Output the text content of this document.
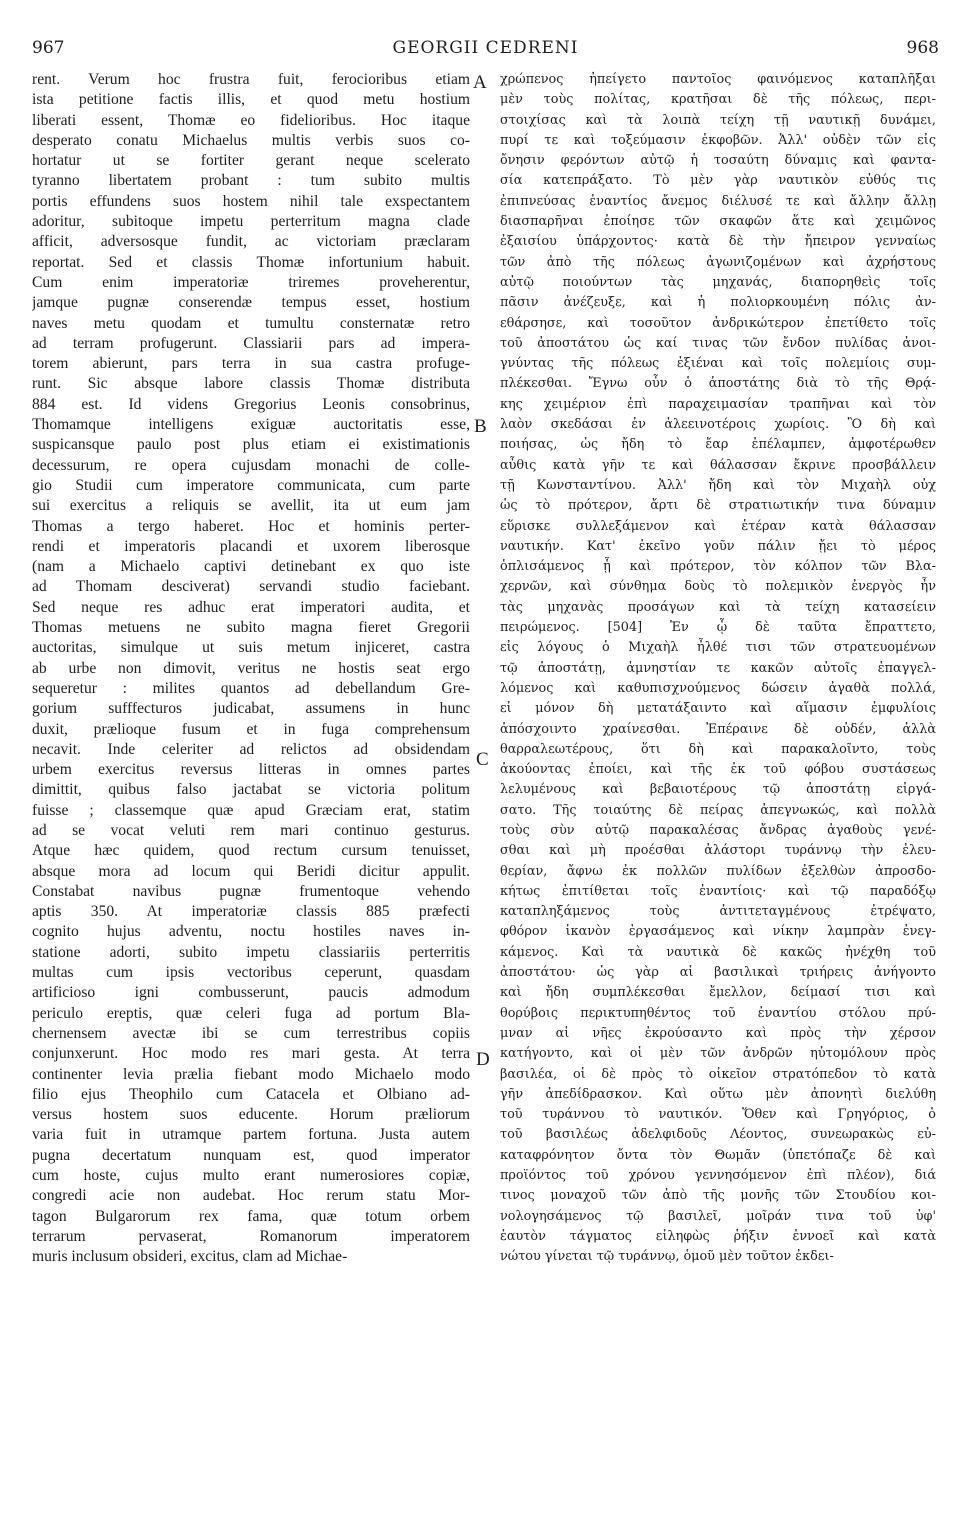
967	GEORGII CEDRENI	968
rent. Verum hoc frustra fuit, ferocioribus etiam
ista petitione factis illis, et quod metu hostium
liberati essent, Thomæ eo fidelioribus. Hoc itaque
desperato conatu Michaelus multis verbis suos co-
hortatur ut se fortiter gerant neque scelerato
tyranno libertatem probant : tum subito multis
portis effundens suos hostem nihil tale exspectantem
adoritur, subitoque impetu perterritum magna clade
afficit, adversosque fundit, ac victoriam præclaram
reportat. Sed et classis Thomæ infortunium habuit.
Cum enim imperatoriæ triremes proveherentur,
jamque pugnæ conserendæ tempus esset, hostium
naves metu quodam et tumultu consternatæ retro
ad terram profugerunt. Classiarii pars ad impera-
torem abierunt, pars terra in sua castra profuge-
runt. Sic absque labore classis Thomæ distributa
884 est. Id videns Gregorius Leonis consobrinus,
Thomamque intelligens exiguæ auctoritatis esse,
suspicansque paulo post plus etiam ei existimationis
decessurum, re opera cujusdam monachi de colle-
gio Studii cum imperatore communicata, cum parte
sui exercitus a reliquis se avellit, ita ut eum jam
Thomas a tergo haberet. Hoc et hominis perter-
rendi et imperatoris placandi et uxorem liberosque
(nam a Michaelo captivi detinebant ex quo iste
ad Thomam desciverat) servandi studio faciebant.
Sed neque res adhuc erat imperatori audita, et
Thomas metuens ne subito magna fieret Gregorii
auctoritas, simulque ut suis metum injiceret, castra
ab urbe non dimovit, veritus ne hostis seat ergo
sequeretur : milites quantos ad debellandum Gre-
gorium sufffecturos judicabat, assumens in hunc
duxit, prælioque fusum et in fuga comprehensum
necavit. Inde celeriter ad relictos ad obsidendam
urbem exercitus reversus litteras in omnes partes
dimittit, quibus falso jactabat se victoria politum
fuisse ; classemque quæ apud Græciam erat, statim
ad se vocat veluti rem mari continuo gesturus.
Atque hæc quidem, quod rectum cursum tenuisset,
absque mora ad locum qui Beridi dicitur appulit.
Constabat navibus pugnæ frumentoque vehendo
aptis 350. At imperatoriæ classis 885 præfecti
cognito hujus adventu, noctu hostiles naves in-
statione adorti, subito impetu classiariis perterritis
multas cum ipsis vectoribus ceperunt, quasdam
artificioso igni combusserunt, paucis admodum
periculo ereptis, quæ celeri fuga ad portum Bla-
chernensem avectæ ibi se cum terrestribus copiis
conjunxerunt. Hoc modo res mari gesta. At terra
continenter levia prælia fiebant modo Michaelo modo
filio ejus Theophilo cum Catacela et Olbiano ad-
versus hostem suos educente. Horum præliorum
varia fuit in utramque partem fortuna. Justa autem
pugna decertatum nunquam est, quod imperator
cum hoste, cujus multo erant numerosiores copiæ,
congredi acie non audebat. Hoc rerum statu Mor-
tagon Bulgarorum rex fama, quæ totum orbem
terrarum pervaserat, Romanorum imperatorem
muris inclusum obsideri, excitus, clam ad Michae-
χρώπενος ἠπείγετο παντοῖος φαινόμενος καταπλῆξαι
μὲν τοὺς πολίτας, κρατῆσαι δὲ τῆς πόλεως, περι-
στοιχίσας καὶ τὰ λοιπὰ τείχη τῇ ναυτικῇ δυνάμει,
πυρί τε καὶ τοξεύμασιν ἐκφοβῶν. Ἀλλ' οὐδὲν τῶν εἰς
ὄνησιν φερόντων αὐτῷ ἡ τοσαύτη δύναμις καὶ φαντα-
σία κατεπράξατο. Τὸ μὲν γὰρ ναυτικὸν εὐθύς τις
ἐπιπνεύσας ἐναντίος ἄνεμος διέλυσέ τε καὶ ἄλλην ἄλλῃ
διασπαρῆναι ἐποίησε τῶν σκαφῶν ἅτε καὶ χειμῶνος
ἐξαισίου ὑπάρχοντος· κατὰ δὲ τὴν ἤπειρον γενναίως
τῶν ἀπὸ τῆς πόλεως ἀγωνιζομένων καὶ ἀχρήστους
αὐτῷ ποιούντων τὰς μηχανάς, διαπορηθεὶς τοῖς
πᾶσιν ἀνέζευξε, καὶ ἡ πολιορκουμένη πόλις ἀν-
εθάρσησε, καὶ τοσοῦτον ἀνδρικώτερον ἐπετίθετο τοῖς
τοῦ ἀποστάτου ὡς καί τινας τῶν ἔνδον πυλίδας ἀνοι-
γνύντας τῆς πόλεως ἐξιέναι καὶ τοῖς πολεμίοις συμ-
πλέκεσθαι. Ἔγνω οὖν ὁ ἀποστάτης διὰ τὸ τῆς Θρᾴ-
κης χειμέριον ἐπὶ παραχειμασίαν τραπῆναι καὶ τὸν
λαὸν σκεδάσαι ἐν ἀλεεινοτέροις χωρίοις. Ὃ δὴ καὶ
ποιήσας, ὡς ἤδη τὸ ἔαρ ἐπέλαμπεν, ἀμφοτέρωθεν
αὖθις κατὰ γῆν τε καὶ θάλασσαν ἔκρινε προσβάλλειν
τῇ Κωνσταντίνου. Ἀλλ' ἤδη καὶ τὸν Μιχαὴλ οὐχ
ὡς τὸ πρότερον, ἄρτι δὲ στρατιωτικήν τινα δύναμιν
εὕρισκε συλλεξάμενον καὶ ἑτέραν κατὰ θάλασσαν
ναυτικήν. Κατ' ἐκεῖνο γοῦν πάλιν ᾔει τὸ μέρος
ὁπλισάμενος ᾗ καὶ πρότερον, τὸν κόλπον τῶν Βλα-
χερνῶν, καὶ σύνθημα δοὺς τὸ πολεμικὸν ἐνεργὸς ἦν
τὰς μηχανὰς προσάγων καὶ τὰ τείχη κατασείειν
πειρώμενος. [504] Ἐν ᾧ δὲ ταῦτα ἔπραττετο,
εἰς λόγους ὁ Μιχαὴλ ἦλθέ τισι τῶν στρατευομένων
τῷ ἀποστάτῃ, ἀμνηστίαν τε κακῶν αὐτοῖς ἐπαγγελ-
λόμενος καὶ καθυπισχνούμενος δώσειν ἀγαθὰ πολλά,
εἰ μόνον δὴ μετατάξαιντο καὶ αἵμασιν ἐμφυλίοις
ἀπόσχοιντο χραίνεσθαι. Ἐπέραινε δὲ οὐδέν, ἀλλὰ
θαρραλεωτέρους, ὅτι δὴ καὶ παρακαλοῖντο, τοὺς
ἀκούοντας ἐποίει, καὶ τῆς ἐκ τοῦ φόβου συστάσεως
λελυμένους καὶ βεβαιοτέρους τῷ ἀποστάτῃ εἰργά-
σατο. Τῆς τοιαύτης δὲ πείρας ἀπεγνωκώς, καὶ πολλὰ
τοὺς σὺν αὐτῷ παρακαλέσας ἄνδρας ἀγαθοὺς γενέ-
σθαι καὶ μὴ προέσθαι ἀλάστορι τυράννῳ τὴν ἐλευ-
θερίαν, ἄφνω ἐκ πολλῶν πυλίδων ἐξελθὼν ἀπροσδο-
κήτως ἐπιτίθεται τοῖς ἐναντίοις· καὶ τῷ παραδόξῳ
καταπληξάμενος τοὺς ἀντιτεταγμένους ἐτρέψατο,
φθόρον ἱκανὸν ἐργασάμενος καὶ νίκην λαμπρὰν ἐνεγ-
κάμενος. Καὶ τὰ ναυτικὰ δὲ κακῶς ἠνέχθη τοῦ
ἀποστάτου· ὡς γὰρ αἱ βασιλικαὶ τριήρεις ἀνήγοντο
καὶ ἤδη συμπλέκεσθαι ἔμελλον, δείμασί τισι καὶ
θορύβοις περικτυπηθέντος τοῦ ἐναντίου στόλου πρύ-
μναν αἱ νῆες ἐκρούσαντο καὶ πρὸς τὴν χέρσον
κατήγοντο, καὶ οἱ μὲν τῶν ἀνδρῶν ηὐτομόλουν πρὸς
βασιλέα, οἱ δὲ πρὸς τὸ οἰκεῖον στρατόπεδον τὸ κατὰ
γῆν ἀπεδίδρασκον. Καὶ οὕτω μὲν ἀπονητὶ διελύθη
τοῦ τυράννου τὸ ναυτικόν. Ὅθεν καὶ Γρηγόριος, ὁ
τοῦ βασιλέως ἀδελφιδοῦς Λέοντος, συνεωρακὼς εὐ-
καταφρόνητον ὄντα τὸν Θωμᾶν (ὑπετόπαζε δὲ καὶ
προϊόντος τοῦ χρόνου γεννησόμενον ἐπὶ πλέον), διά
τινος μοναχοῦ τῶν ἀπὸ τῆς μονῆς τῶν Στουδίου κοι-
νολογησάμενος τῷ βασιλεῖ, μοῖράν τινα τοῦ ὑφ'
ἑαυτὸν τάγματος εἰληφὼς ῥήξιν ἐννοεῖ καὶ κατὰ
νώτου γίνεται τῷ τυράννῳ, ὁμοῦ μὲν τοῦτον ἐκδει-
A
B
C
D
